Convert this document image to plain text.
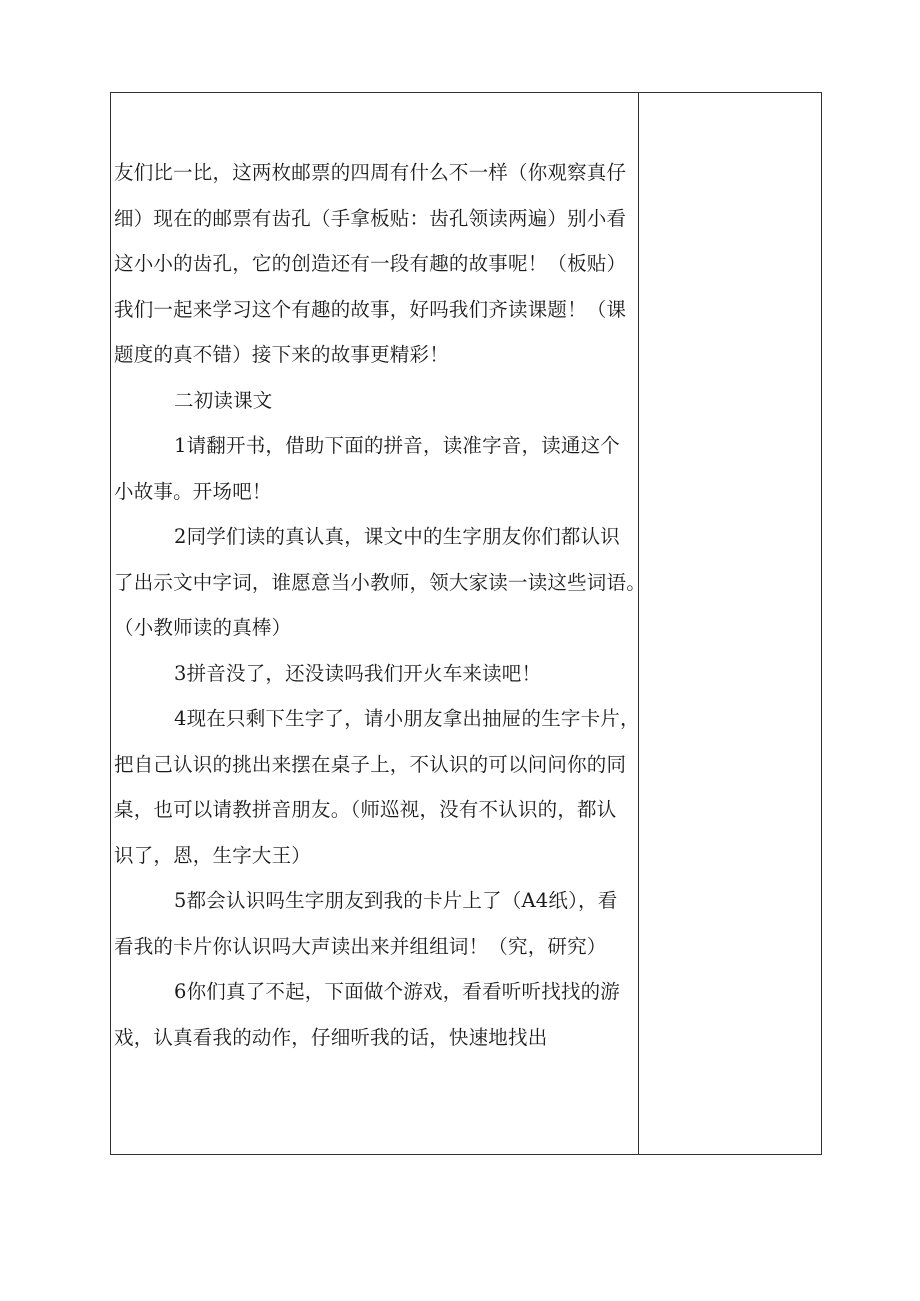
友们比一比，这两枚邮票的四周有什么不一样（你观察真仔
细）现在的邮票有齿孔（手拿板贴：齿孔领读两遍）别小看
这小小的齿孔，它的创造还有一段有趣的故事呢！（板贴）
我们一起来学习这个有趣的故事，好吗我们齐读课题！（课
题度的真不错）接下来的故事更精彩！
二初读课文
1请翻开书，借助下面的拼音，读准字音，读通这个
小故事。开场吧！
2同学们读的真认真，课文中的生字朋友你们都认识
了出示文中字词，谁愿意当小教师，领大家读一读这些词语。
（小教师读的真棒）
3拼音没了，还没读吗我们开火车来读吧！
4现在只剩下生字了，请小朋友拿出抽屉的生字卡片，
把自己认识的挑出来摆在桌子上，不认识的可以问问你的同
桌，也可以请教拼音朋友。（师巡视，没有不认识的，都认
识了，恩，生字大王）
5都会认识吗生字朋友到我的卡片上了（A4纸），看
看我的卡片你认识吗大声读出来并组组词！（究，研究）
6你们真了不起，下面做个游戏，看看听听找找的游
戏，认真看我的动作，仔细听我的话，快速地找出
